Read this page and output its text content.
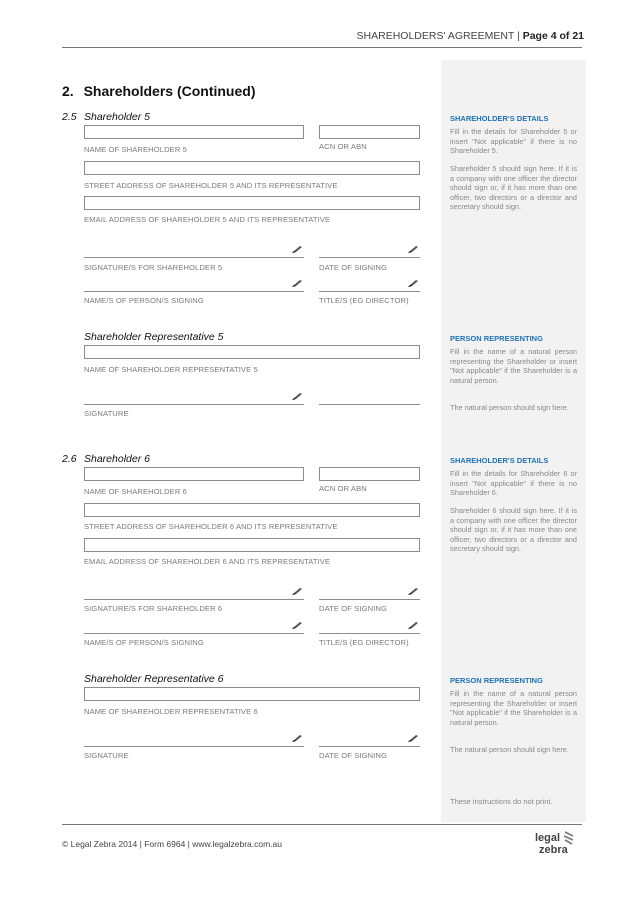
SHAREHOLDERS' AGREEMENT | Page 4 of 21
2. Shareholders (Continued)
2.5 Shareholder 5
NAME OF SHAREHOLDER 5	ACN OR ABN
STREET ADDRESS OF SHAREHOLDER 5 AND ITS REPRESENTATIVE
EMAIL ADDRESS OF SHAREHOLDER 5 AND ITS REPRESENTATIVE
SIGNATURE/S FOR SHAREHOLDER 5	DATE OF SIGNING
NAME/S OF PERSON/S SIGNING	TITLE/S (EG DIRECTOR)
Shareholder Representative 5
NAME OF SHAREHOLDER REPRESENTATIVE 5
SIGNATURE
2.6 Shareholder 6
NAME OF SHAREHOLDER 6	ACN OR ABN
STREET ADDRESS OF SHAREHOLDER 6 AND ITS REPRESENTATIVE
EMAIL ADDRESS OF SHAREHOLDER 6 AND ITS REPRESENTATIVE
SIGNATURE/S FOR SHAREHOLDER 6	DATE OF SIGNING
NAME/S OF PERSON/S SIGNING	TITLE/S (EG DIRECTOR)
Shareholder Representative 6
NAME OF SHAREHOLDER REPRESENTATIVE 6
SIGNATURE	DATE OF SIGNING
SHAREHOLDER'S DETAILS
Fill in the details for Shareholder 5 or insert "Not applicable" if there is no Shareholder 5.
Shareholder 5 should sign here. If it is a company with one officer the director should sign or, if it has more than one officer, two directors or a director and secretary should sign.
PERSON REPRESENTING
Fill in the name of a natural person representing the Shareholder or insert "Not applicable" if the Shareholder is a natural person.
The natural person should sign here.
SHAREHOLDER'S DETAILS
Fill in the details for Shareholder 6 or insert "Not applicable" if there is no Shareholder 6.
Shareholder 6 should sign here. If it is a company with one officer the director should sign or, if it has more than one officer, two directors or a director and secretary should sign.
PERSON REPRESENTING
Fill in the name of a natural person representing the Shareholder or insert "Not applicable" if the Shareholder is a natural person.
The natural person should sign here.
These instructions do not print.
© Legal Zebra 2014 | Form 6964 | www.legalzebra.com.au	legal
zebra
